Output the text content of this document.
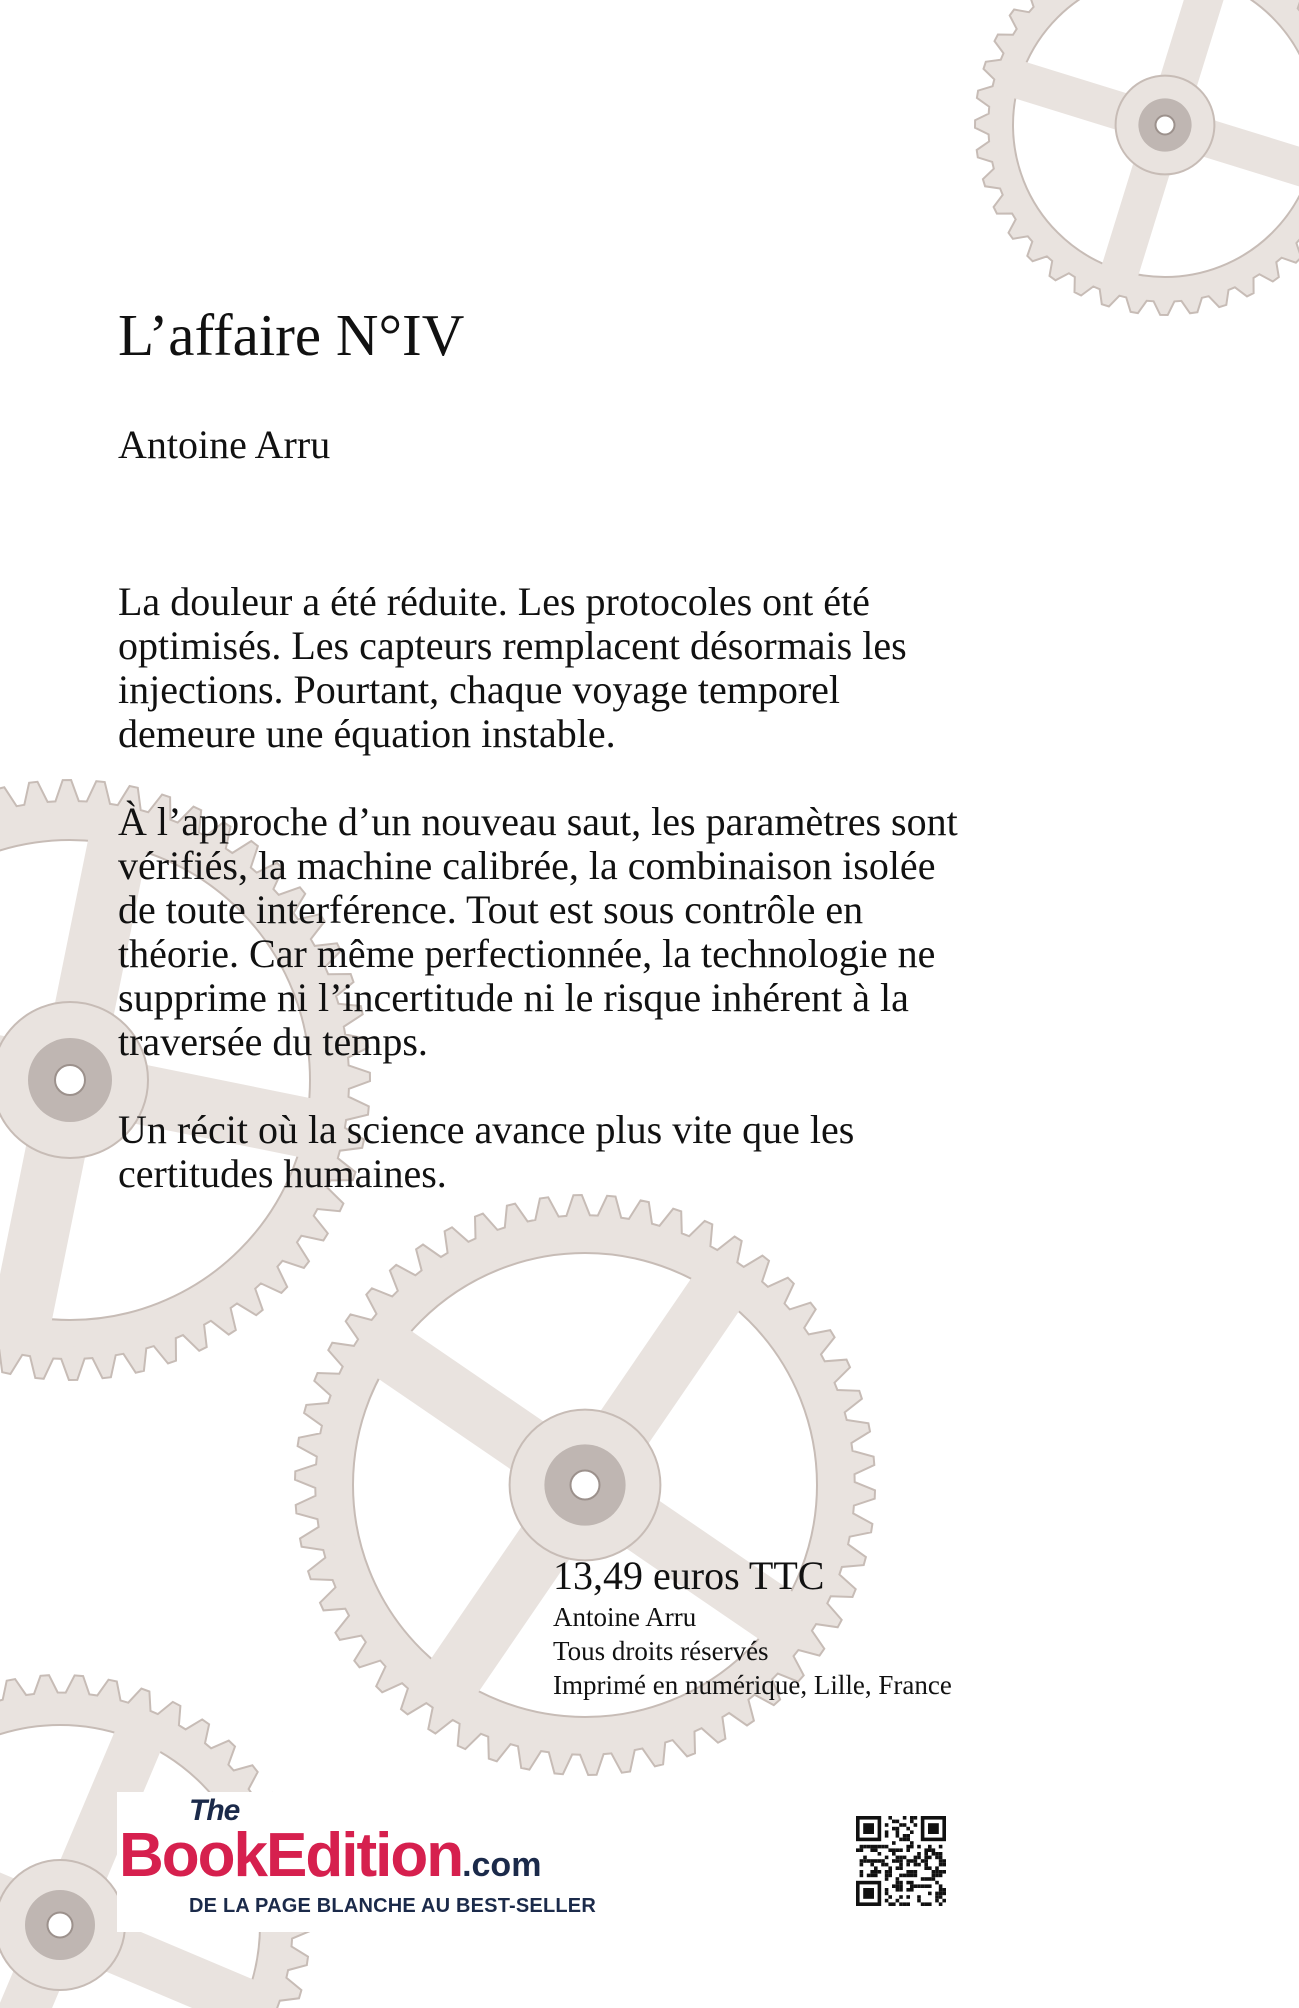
L’affaire N°IV
Antoine Arru

La douleur a été réduite. Les protocoles ont été optimisés. Les capteurs remplacent désormais les injections. Pourtant, chaque voyage temporel demeure une équation instable.

À l’approche d’un nouveau saut, les paramètres sont vérifiés, la machine calibrée, la combinaison isolée de toute interférence. Tout est sous contrôle en théorie. Car même perfectionnée, la technologie ne supprime ni l’incertitude ni le risque inhérent à la traversée du temps.

Un récit où la science avance plus vite que les certitudes humaines.

13,49 euros TTC
Antoine Arru
Tous droits réservés
Imprimé en numérique, Lille, France
The
BookEdition.com
DE LA PAGE BLANCHE AU BEST-SELLER
